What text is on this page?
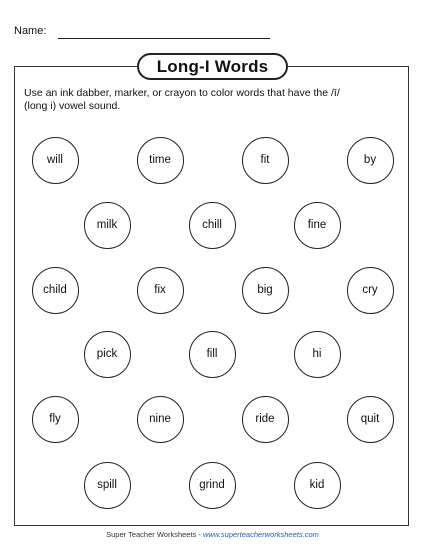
Name:
Long-I Words
Use an ink dabber, marker, or crayon to color words that have the /ī/ (long i) vowel sound.
will	time	fit	by
milk	chill	fine
child	fix	big	cry
pick	fill	hi
fly	nine	ride	quit
spill	grind	kid
Super Teacher Worksheets - www.superteacherworksheets.com
